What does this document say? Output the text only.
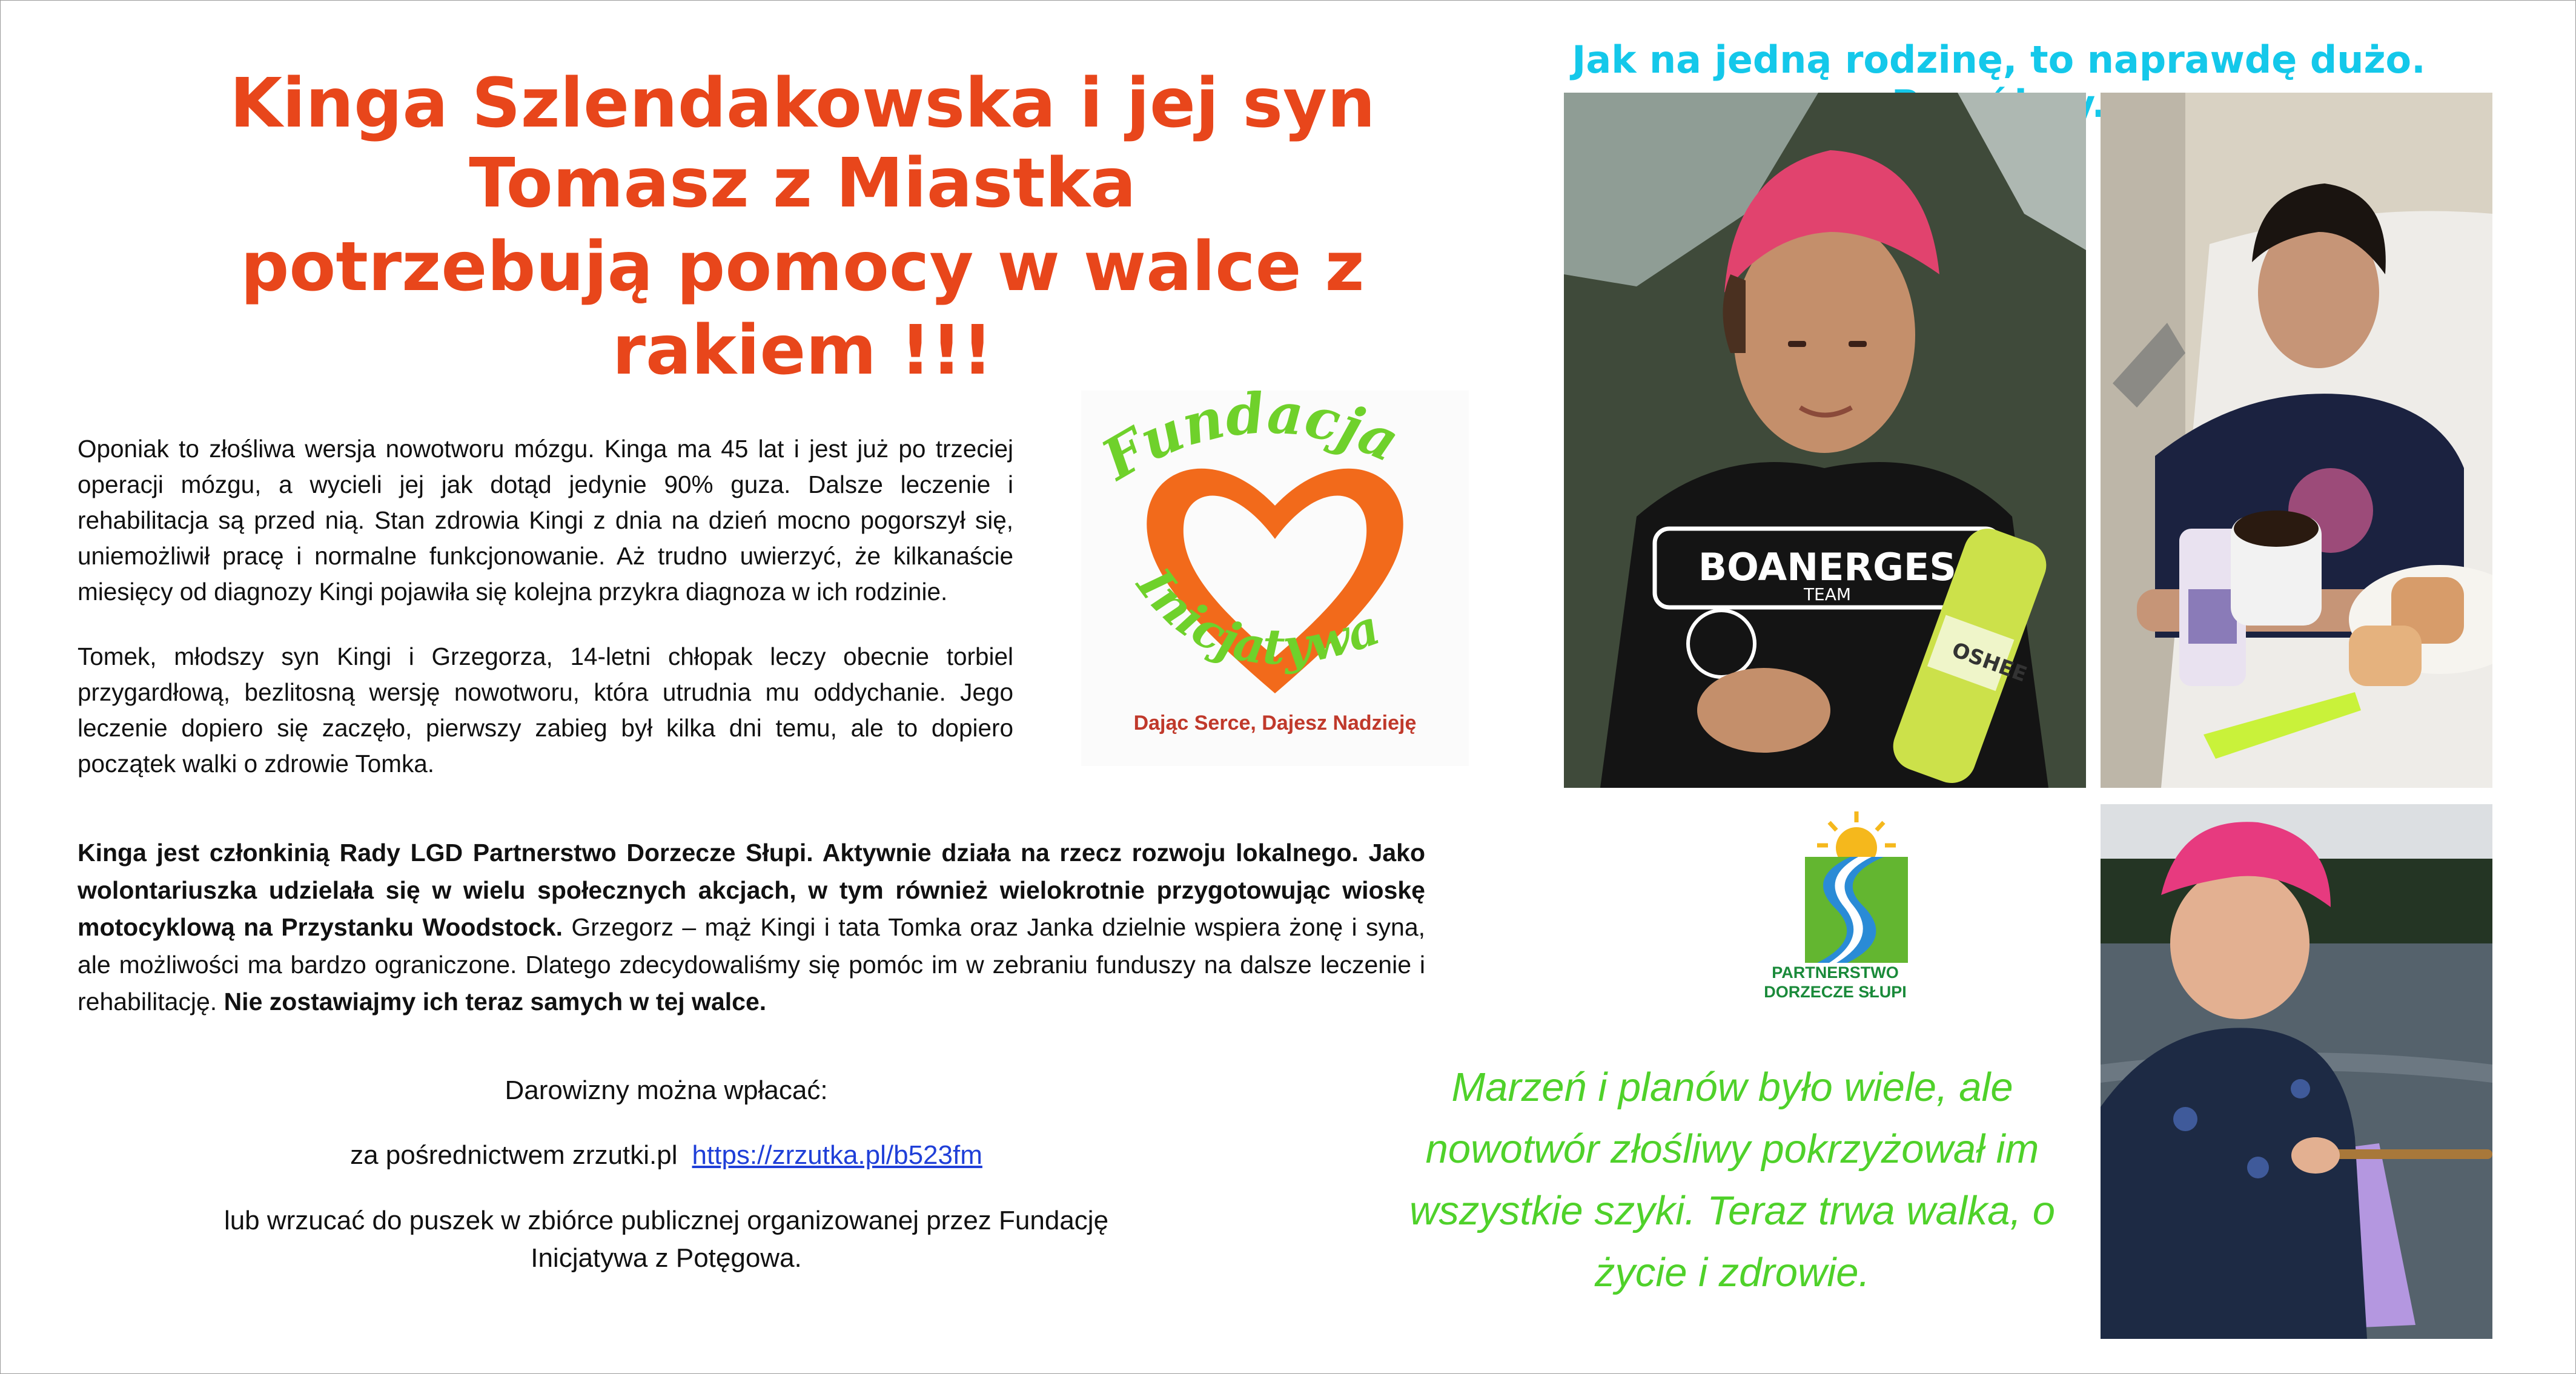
Kinga Szlendakowska i jej syn
Tomasz z Miastka
potrzebują pomocy w walce z
rakiem !!!

Oponiak to złośliwa wersja nowotworu mózgu. Kinga ma 45 lat i jest już po trzeciej operacji mózgu, a wycieli jej jak dotąd jedynie 90% guza. Dalsze leczenie i rehabilitacja są przed nią. Stan zdrowia Kingi z dnia na dzień mocno pogorszył się, uniemożliwił pracę i normalne funkcjonowanie. Aż trudno uwierzyć, że kilkanaście miesięcy od diagnozy Kingi pojawiła się kolejna przykra diagnoza w ich rodzinie.

Tomek, młodszy syn Kingi i Grzegorza, 14-letni chłopak leczy obecnie torbiel przygardłową, bezlitosną wersję nowotworu, która utrudnia mu oddychanie. Jego leczenie dopiero się zaczęło, pierwszy zabieg był kilka dni temu, ale to dopiero początek walki o zdrowie Tomka.

Kinga jest członkinią Rady LGD Partnerstwo Dorzecze Słupi. Aktywnie działa na rzecz rozwoju lokalnego. Jako wolontariuszka udzielała się w wielu społecznych akcjach, w tym również wielokrotnie przygotowując wioskę motocyklową na Przystanku Woodstock. Grzegorz – mąż Kingi i tata Tomka oraz Janka dzielnie wspiera żonę i syna, ale możliwości ma bardzo ograniczone. Dlatego zdecydowaliśmy się pomóc im w zebraniu funduszy na dalsze leczenie i rehabilitację. Nie zostawiajmy ich teraz samych w tej walce.

Darowizny można wpłacać:

za pośrednictwem zrzutki.pl https://zrzutka.pl/b523fm

lub wrzucać do puszek w zbiórce publicznej organizowanej przez Fundację Inicjatywa z Potęgowa.

Fundacja
Inicjatywa
Dając Serce, Dajesz Nadzieję
Jak na jedną rodzinę, to naprawdę dużo.
BOANERGES
TEAM
OSHEE
PARTNERSTWO
DORZECZE SŁUPI

Marzeń i planów było wiele, ale nowotwór złośliwy pokrzyżował im wszystkie szyki. Teraz trwa walka, o życie i zdrowie.
